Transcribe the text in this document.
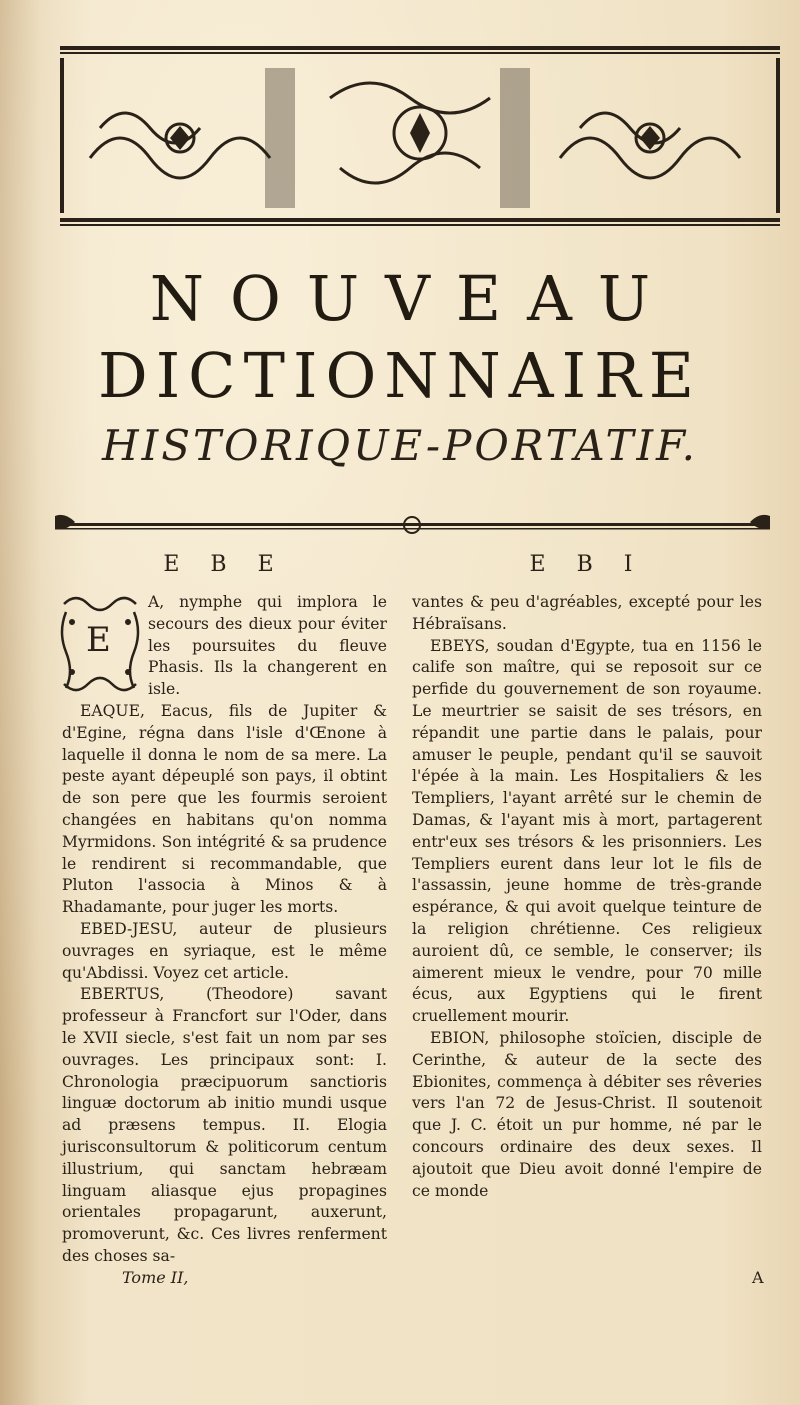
NOUVEAU
DICTIONNAIRE
HISTORIQUE-PORTATIF.
E B E
E

A, nymphe qui implora le secours des dieux pour éviter les poursuites du fleuve Phasis. Ils la changerent en isle.

EAQUE, Eacus, fils de Jupiter & d'Egine, régna dans l'isle d'Œnone à laquelle il donna le nom de sa mere. La peste ayant dépeuplé son pays, il obtint de son pere que les fourmis seroient changées en habitans qu'on nomma Myrmidons. Son intégrité & sa prudence le rendirent si recommandable, que Pluton l'associa à Minos & à Rhadamante, pour juger les morts.

EBED-JESU, auteur de plusieurs ouvrages en syriaque, est le même qu'Abdissi. Voyez cet article.

EBERTUS, (Theodore) savant professeur à Francfort sur l'Oder, dans le XVII siecle, s'est fait un nom par ses ouvrages. Les principaux sont: I. Chronologia præcipuorum sanctioris linguæ doctorum ab initio mundi usque ad præsens tempus. II. Elogia jurisconsultorum & politicorum centum illustrium, qui sanctam hebræam linguam aliasque ejus propagines orientales propagarunt, auxerunt, promoverunt, &c. Ces livres renferment des choses sa-

E B I

vantes & peu d'agréables, excepté pour les Hébraïsans.

EBEYS, soudan d'Egypte, tua en 1156 le calife son maître, qui se reposoit sur ce perfide du gouvernement de son royaume. Le meurtrier se saisit de ses trésors, en répandit une partie dans le palais, pour amuser le peuple, pendant qu'il se sauvoit l'épée à la main. Les Hospitaliers & les Templiers, l'ayant arrêté sur le chemin de Damas, & l'ayant mis à mort, partagerent entr'eux ses trésors & les prisonniers. Les Templiers eurent dans leur lot le fils de l'assassin, jeune homme de très-grande espérance, & qui avoit quelque teinture de la religion chrétienne. Ces religieux auroient dû, ce semble, le conserver; ils aimerent mieux le vendre, pour 70 mille écus, aux Egyptiens qui le firent cruellement mourir.

EBION, philosophe stoïcien, disciple de Cerinthe, & auteur de la secte des Ebionites, commença à débiter ses rêveries vers l'an 72 de Jesus-Christ. Il soutenoit que J. C. étoit un pur homme, né par le concours ordinaire des deux sexes. Il ajoutoit que Dieu avoit donné l'empire de ce monde

Tome II,	A
